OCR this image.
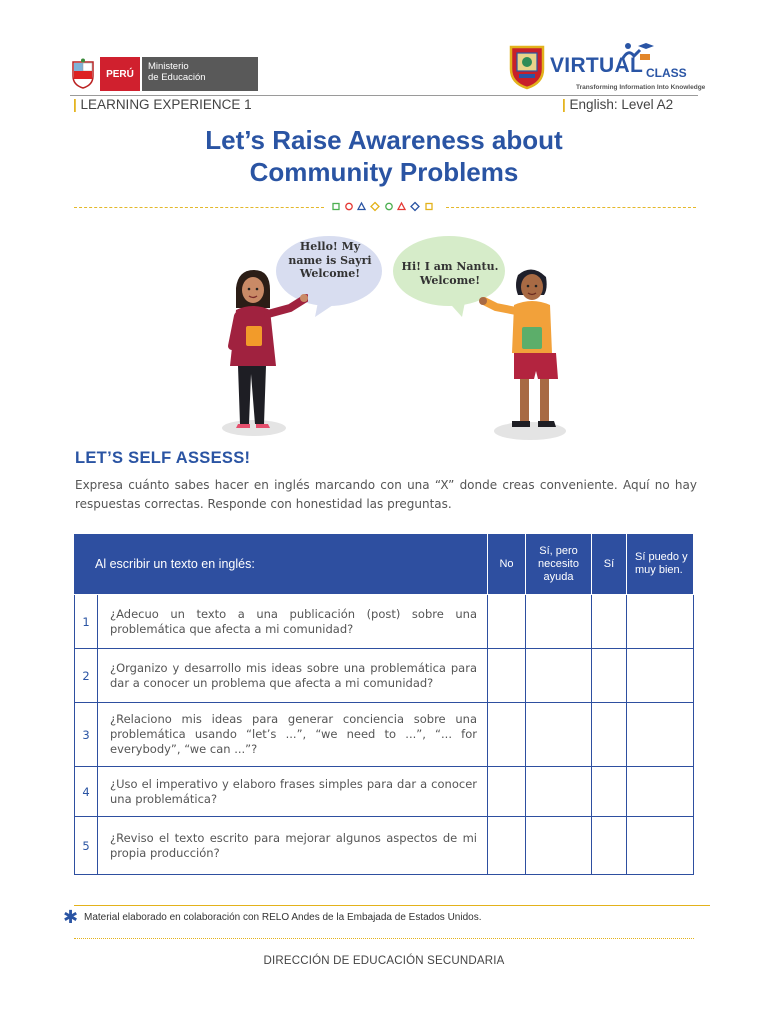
PERÚ
Ministerio
de Educación
VIRTUAL CLASS
Transforming Information Into Knowledge
| LEARNING EXPERIENCE 1	| English: Level A2
Let’s Raise Awareness about
Community Problems
Hello! My
name is Sayri
Welcome!
Hi! I am Nantu.
Welcome!
LET’S SELF ASSESS!
Expresa cuánto sabes hacer en inglés marcando con una “X” donde creas conveniente. Aquí no hay respuestas correctas. Responde con honestidad las preguntas.
Al escribir un texto en inglés:		No	Sí, pero necesito ayuda	Sí	Sí puedo y muy bien.
1	¿Adecuo un texto a una publicación (post) sobre una problemática que afecta a mi comunidad?				
2	¿Organizo y desarrollo mis ideas sobre una problemática para dar a conocer un problema que afecta a mi comunidad?				
3	¿Relaciono mis ideas para generar conciencia sobre una problemática usando “let’s ...”, “we need to ...”, “... for everybody”, “we can ...”?				
4	¿Uso el imperativo y elaboro frases simples para dar a conocer una problemática?				
5	¿Reviso el texto escrito para mejorar algunos aspectos de mi propia producción?				
✱ Material elaborado en colaboración con RELO Andes de la Embajada de Estados Unidos.
DIRECCIÓN DE EDUCACIÓN SECUNDARIA
